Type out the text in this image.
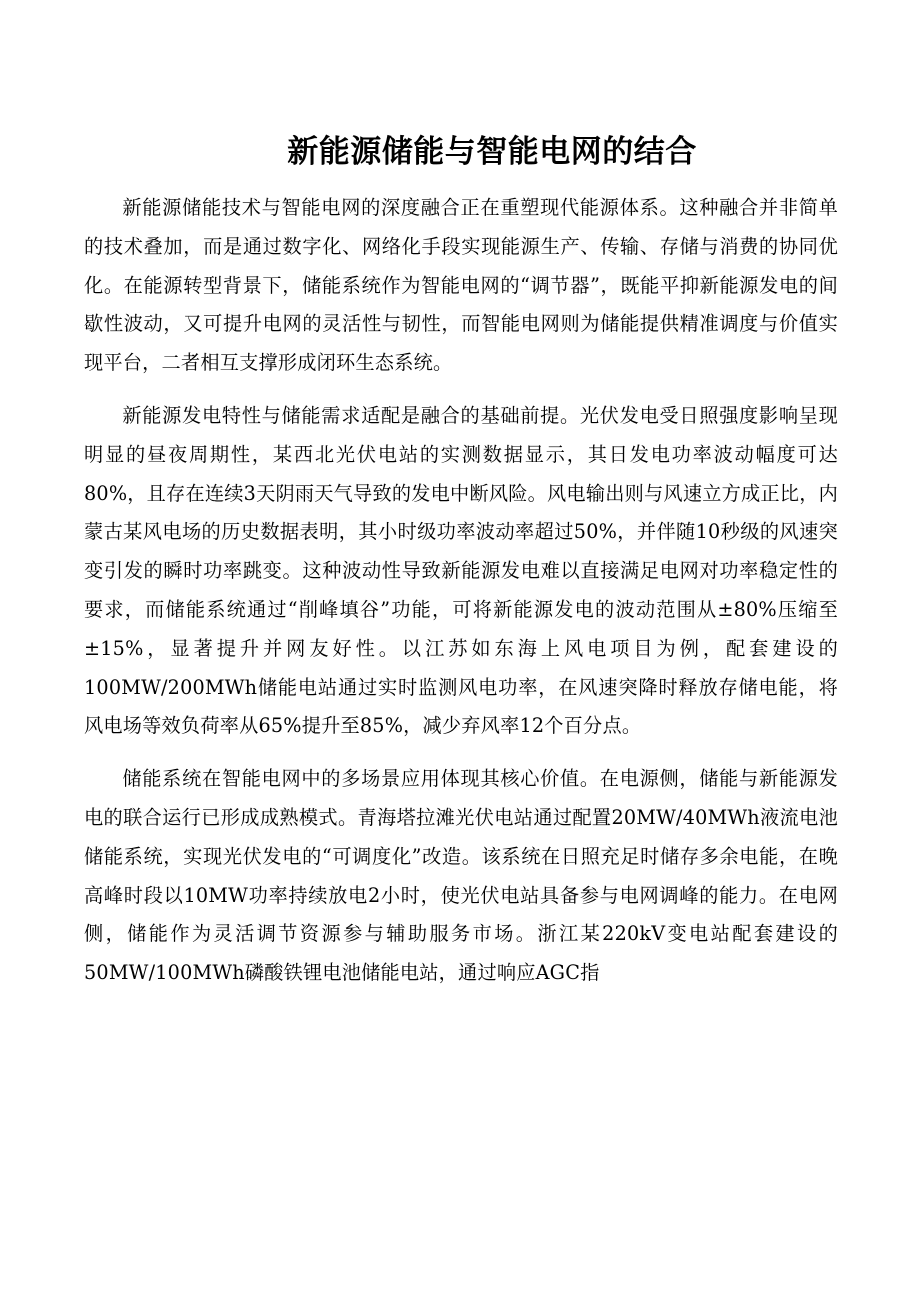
新能源储能与智能电网的结合

新能源储能技术与智能电网的深度融合正在重塑现代能源体系。这种融合并非简单的技术叠加，而是通过数字化、网络化手段实现能源生产、传输、存储与消费的协同优化。在能源转型背景下，储能系统作为智能电网的“调节器”，既能平抑新能源发电的间歇性波动，又可提升电网的灵活性与韧性，而智能电网则为储能提供精准调度与价值实现平台，二者相互支撑形成闭环生态系统。

新能源发电特性与储能需求适配是融合的基础前提。光伏发电受日照强度影响呈现明显的昼夜周期性，某西北光伏电站的实测数据显示，其日发电功率波动幅度可达80%，且存在连续3天阴雨天气导致的发电中断风险。风电输出则与风速立方成正比，内蒙古某风电场的历史数据表明，其小时级功率波动率超过50%，并伴随10秒级的风速突变引发的瞬时功率跳变。这种波动性导致新能源发电难以直接满足电网对功率稳定性的要求，而储能系统通过“削峰填谷”功能，可将新能源发电的波动范围从±80%压缩至±15%，显著提升并网友好性。以江苏如东海上风电项目为例，配套建设的100MW/200MWh储能电站通过实时监测风电功率，在风速突降时释放存储电能，将风电场等效负荷率从65%提升至85%，减少弃风率12个百分点。

储能系统在智能电网中的多场景应用体现其核心价值。在电源侧，储能与新能源发电的联合运行已形成成熟模式。青海塔拉滩光伏电站通过配置20MW/40MWh液流电池储能系统，实现光伏发电的“可调度化”改造。该系统在日照充足时储存多余电能，在晚高峰时段以10MW功率持续放电2小时，使光伏电站具备参与电网调峰的能力。在电网侧，储能作为灵活调节资源参与辅助服务市场。浙江某220kV变电站配套建设的50MW/100MWh磷酸铁锂电池储能电站，通过响应AGC指
